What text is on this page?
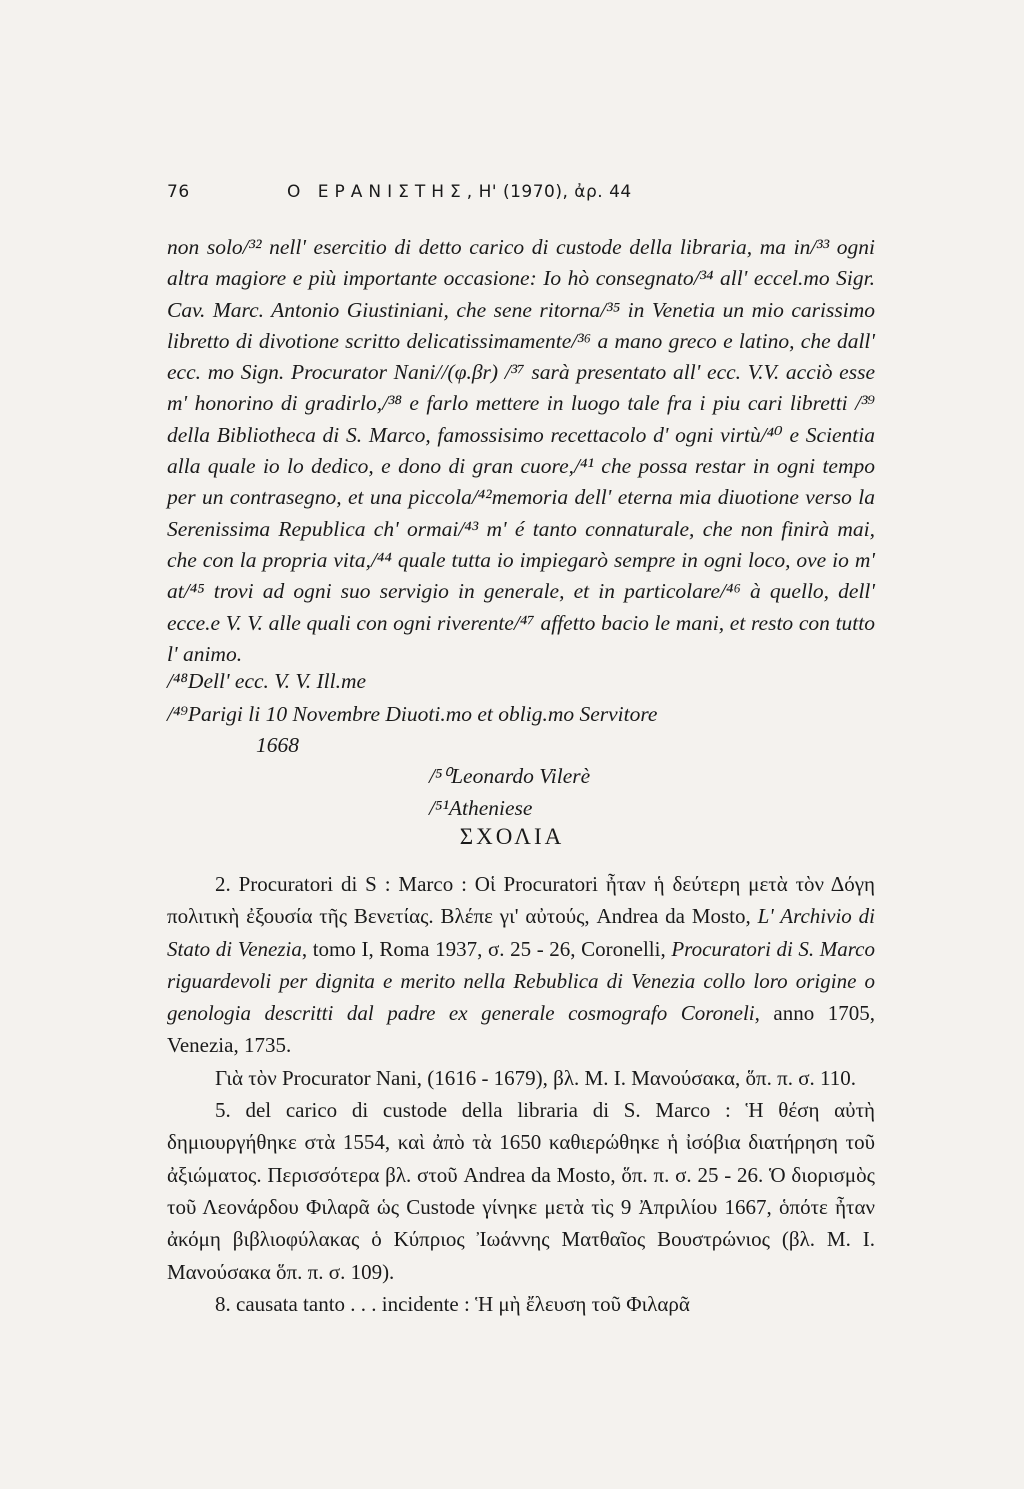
76	Ο ΕΡΑΝΙΣΤΗΣ, Η' (1970), ἀρ. 44

non solo/³² nell' esercitio di detto carico di custode della libraria, ma in/³³ ogni altra magiore e più importante occasione: Io hò consegnato/³⁴ all' eccel.mo Sigr. Cav. Marc. Antonio Giustiniani, che sene ritorna/³⁵ in Venetia un mio carissimo libretto di divotione scritto delicatissimamente/³⁶ a mano greco e latino, che dall' ecc. mo Sign. Procurator Nani//(φ.βr) /³⁷ sarà presentato all' ecc. V.V. acciò esse m' honorino di gradirlo,/³⁸ e farlo mettere in luogo tale fra i piu cari libretti /³⁹ della Bibliotheca di S. Marco, famossisimo recettacolo d' ogni virtù/⁴⁰ e Scientia alla quale io lo dedico, e dono di gran cuore,/⁴¹ che possa restar in ogni tempo per un contrasegno, et una piccola/⁴²memoria dell' eterna mia diuotione verso la Serenissima Republica ch' ormai/⁴³ m' é tanto connaturale, che non finirà mai, che con la propria vita,/⁴⁴ quale tutta io impiegarò sempre in ogni loco, ove io m' at/⁴⁵ trovi ad ogni suo servigio in generale, et in particolare/⁴⁶ à quello, dell' ecce.e V. V. alle quali con ogni riverente/⁴⁷ affetto bacio le mani, et resto con tutto l' animo.

/⁴⁸Dell' ecc. V. V. Ill.me
/⁴⁹Parigi li 10 Novembre Diuoti.mo et oblig.mo Servitore
1668
/⁵⁰Leonardo Vilerè
/⁵¹Atheniese
ΣΧΟΛΙΑ

2. Procuratori di S : Marco : Οἱ Procuratori ἦταν ἡ δεύτερη μετὰ τὸν Δόγη πολιτικὴ ἐξουσία τῆς Βενετίας. Βλέπε γι' αὐτούς, Andrea da Mosto, L' Archivio di Stato di Venezia, tomo I, Roma 1937, σ. 25 - 26, Coronelli, Procuratori di S. Marco riguardevoli per dignita e merito nella Rebublica di Venezia collo loro origine o genologia descritti dal padre ex generale cosmografo Coroneli, anno 1705, Venezia, 1735.

Γιὰ τὸν Procurator Nani, (1616 - 1679), βλ. Μ. Ι. Μανούσακα, ὅπ. π. σ. 110.

5. del carico di custode della libraria di S. Marco : Ἡ θέση αὐτὴ δημιουργήθηκε στὰ 1554, καὶ ἀπὸ τὰ 1650 καθιερώθηκε ἡ ἰσόβια διατήρηση τοῦ ἀξιώματος. Περισσότερα βλ. στοῦ Andrea da Mosto, ὅπ. π. σ. 25 - 26. Ὁ διορισμὸς τοῦ Λεονάρδου Φιλαρᾶ ὡς Custode γίνηκε μετὰ τὶς 9 Ἀπριλίου 1667, ὁπότε ἦταν ἀκόμη βιβλιοφύλακας ὁ Κύπριος Ἰωάννης Ματθαῖος Βουστρώνιος (βλ. Μ. Ι. Μανούσακα ὅπ. π. σ. 109).

8. causata tanto . . . incidente : Ἡ μὴ ἔλευση τοῦ Φιλαρᾶ
